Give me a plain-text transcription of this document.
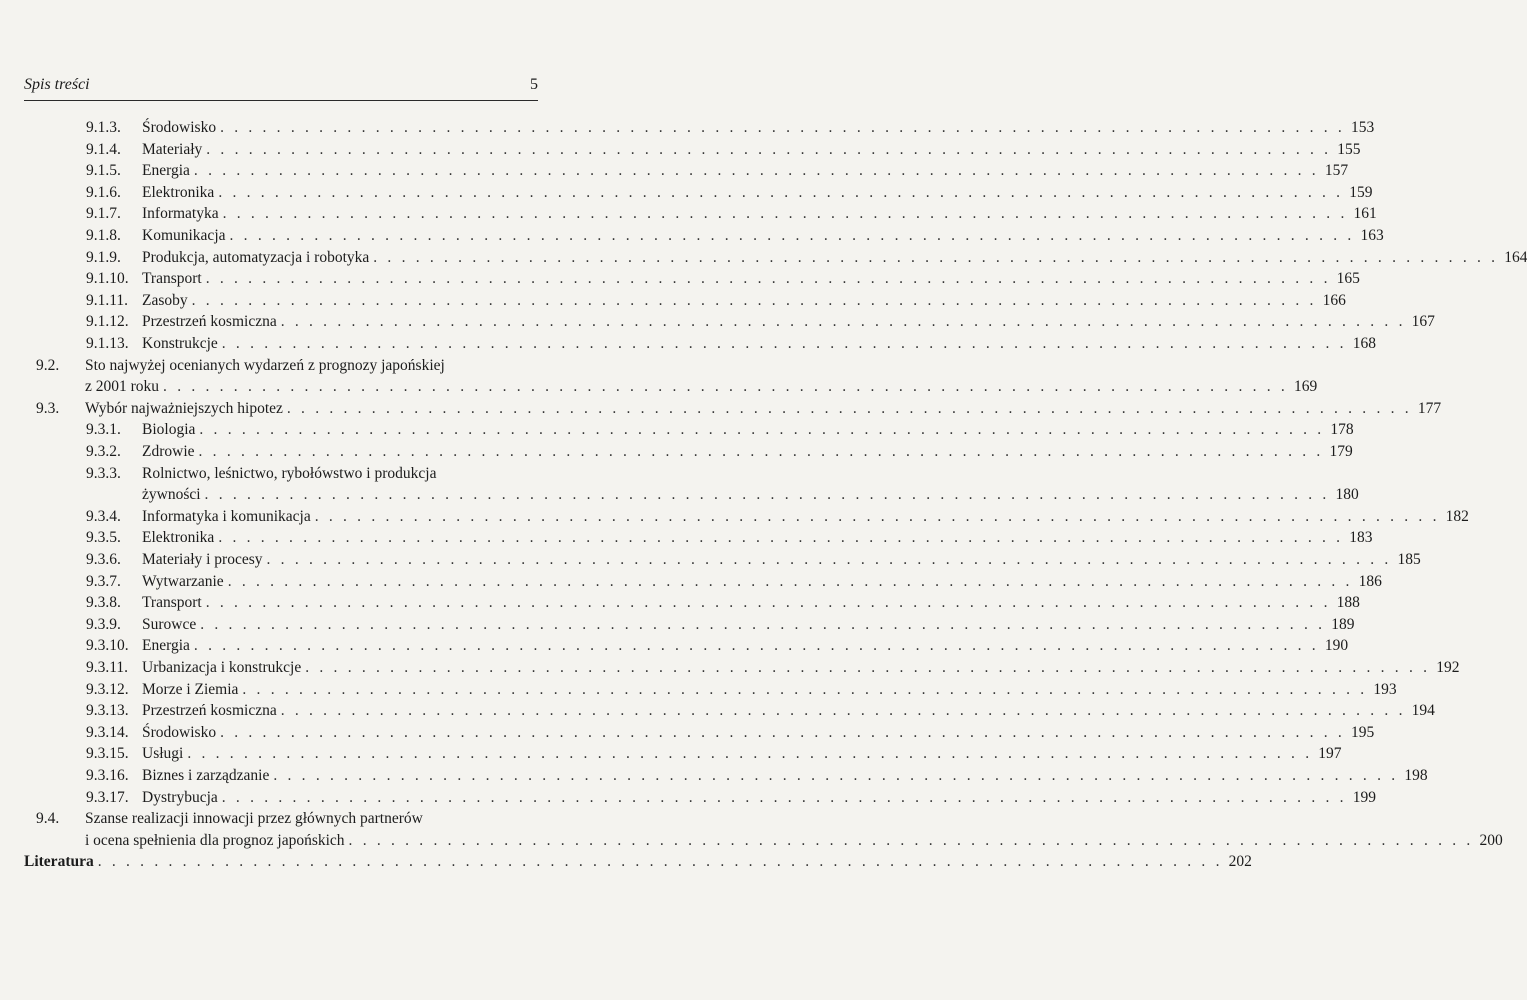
Spis treści	5
9.1.3. Środowisko . . . . . . . . . . . . . . . . . . . . . . . . . . . . . . . . . . . . . . . . . . . . . . . . . . . . . . . . . . . . . . . . . . . . . . . . . . . . . . . . 153
9.1.4. Materiały . . . . . . . . . . . . . . . . . . . . . . . . . . . . . . . . . . . . . . . . . . . . . . . . . . . . . . . . . . . . . . . . . . . . . . . . . . . . . . . . 155
9.1.5. Energia . . . . . . . . . . . . . . . . . . . . . . . . . . . . . . . . . . . . . . . . . . . . . . . . . . . . . . . . . . . . . . . . . . . . . . . . . . . . . . . . 157
9.1.6. Elektronika . . . . . . . . . . . . . . . . . . . . . . . . . . . . . . . . . . . . . . . . . . . . . . . . . . . . . . . . . . . . . . . . . . . . . . . . . . . . . . . . 159
9.1.7. Informatyka . . . . . . . . . . . . . . . . . . . . . . . . . . . . . . . . . . . . . . . . . . . . . . . . . . . . . . . . . . . . . . . . . . . . . . . . . . . . . . . . 161
9.1.8. Komunikacja . . . . . . . . . . . . . . . . . . . . . . . . . . . . . . . . . . . . . . . . . . . . . . . . . . . . . . . . . . . . . . . . . . . . . . . . . . . . . . . . 163
9.1.9. Produkcja, automatyzacja i robotyka . . . . . . . . . . . . . . . . . . . . . . . . . . . . . . . . . . . . . . . . . . . . . . . . . . . . . . . . . . . . . . . . . . . . . . . . . . . . . . . . 164
9.1.10. Transport . . . . . . . . . . . . . . . . . . . . . . . . . . . . . . . . . . . . . . . . . . . . . . . . . . . . . . . . . . . . . . . . . . . . . . . . . . . . . . . . 165
9.1.11. Zasoby . . . . . . . . . . . . . . . . . . . . . . . . . . . . . . . . . . . . . . . . . . . . . . . . . . . . . . . . . . . . . . . . . . . . . . . . . . . . . . . . 166
9.1.12. Przestrzeń kosmiczna . . . . . . . . . . . . . . . . . . . . . . . . . . . . . . . . . . . . . . . . . . . . . . . . . . . . . . . . . . . . . . . . . . . . . . . . . . . . . . . . 167
9.1.13. Konstrukcje . . . . . . . . . . . . . . . . . . . . . . . . . . . . . . . . . . . . . . . . . . . . . . . . . . . . . . . . . . . . . . . . . . . . . . . . . . . . . . . . 168
9.2. Sto najwyżej ocenianych wydarzeń z prognozy japońskiej
z 2001 roku . . . . . . . . . . . . . . . . . . . . . . . . . . . . . . . . . . . . . . . . . . . . . . . . . . . . . . . . . . . . . . . . . . . . . . . . . . . . . . . . 169
9.3. Wybór najważniejszych hipotez . . . . . . . . . . . . . . . . . . . . . . . . . . . . . . . . . . . . . . . . . . . . . . . . . . . . . . . . . . . . . . . . . . . . . . . . . . . . . . . . 177
9.3.1. Biologia . . . . . . . . . . . . . . . . . . . . . . . . . . . . . . . . . . . . . . . . . . . . . . . . . . . . . . . . . . . . . . . . . . . . . . . . . . . . . . . . 178
9.3.2. Zdrowie . . . . . . . . . . . . . . . . . . . . . . . . . . . . . . . . . . . . . . . . . . . . . . . . . . . . . . . . . . . . . . . . . . . . . . . . . . . . . . . . 179
9.3.3. Rolnictwo, leśnictwo, rybołówstwo i produkcja
żywności . . . . . . . . . . . . . . . . . . . . . . . . . . . . . . . . . . . . . . . . . . . . . . . . . . . . . . . . . . . . . . . . . . . . . . . . . . . . . . . . 180
9.3.4. Informatyka i komunikacja . . . . . . . . . . . . . . . . . . . . . . . . . . . . . . . . . . . . . . . . . . . . . . . . . . . . . . . . . . . . . . . . . . . . . . . . . . . . . . . . 182
9.3.5. Elektronika . . . . . . . . . . . . . . . . . . . . . . . . . . . . . . . . . . . . . . . . . . . . . . . . . . . . . . . . . . . . . . . . . . . . . . . . . . . . . . . . 183
9.3.6. Materiały i procesy . . . . . . . . . . . . . . . . . . . . . . . . . . . . . . . . . . . . . . . . . . . . . . . . . . . . . . . . . . . . . . . . . . . . . . . . . . . . . . . . 185
9.3.7. Wytwarzanie . . . . . . . . . . . . . . . . . . . . . . . . . . . . . . . . . . . . . . . . . . . . . . . . . . . . . . . . . . . . . . . . . . . . . . . . . . . . . . . . 186
9.3.8. Transport . . . . . . . . . . . . . . . . . . . . . . . . . . . . . . . . . . . . . . . . . . . . . . . . . . . . . . . . . . . . . . . . . . . . . . . . . . . . . . . . 188
9.3.9. Surowce . . . . . . . . . . . . . . . . . . . . . . . . . . . . . . . . . . . . . . . . . . . . . . . . . . . . . . . . . . . . . . . . . . . . . . . . . . . . . . . . 189
9.3.10. Energia . . . . . . . . . . . . . . . . . . . . . . . . . . . . . . . . . . . . . . . . . . . . . . . . . . . . . . . . . . . . . . . . . . . . . . . . . . . . . . . . 190
9.3.11. Urbanizacja i konstrukcje . . . . . . . . . . . . . . . . . . . . . . . . . . . . . . . . . . . . . . . . . . . . . . . . . . . . . . . . . . . . . . . . . . . . . . . . . . . . . . . . 192
9.3.12. Morze i Ziemia . . . . . . . . . . . . . . . . . . . . . . . . . . . . . . . . . . . . . . . . . . . . . . . . . . . . . . . . . . . . . . . . . . . . . . . . . . . . . . . . 193
9.3.13. Przestrzeń kosmiczna . . . . . . . . . . . . . . . . . . . . . . . . . . . . . . . . . . . . . . . . . . . . . . . . . . . . . . . . . . . . . . . . . . . . . . . . . . . . . . . . 194
9.3.14. Środowisko . . . . . . . . . . . . . . . . . . . . . . . . . . . . . . . . . . . . . . . . . . . . . . . . . . . . . . . . . . . . . . . . . . . . . . . . . . . . . . . . 195
9.3.15. Usługi . . . . . . . . . . . . . . . . . . . . . . . . . . . . . . . . . . . . . . . . . . . . . . . . . . . . . . . . . . . . . . . . . . . . . . . . . . . . . . . . 197
9.3.16. Biznes i zarządzanie . . . . . . . . . . . . . . . . . . . . . . . . . . . . . . . . . . . . . . . . . . . . . . . . . . . . . . . . . . . . . . . . . . . . . . . . . . . . . . . . 198
9.3.17. Dystrybucja . . . . . . . . . . . . . . . . . . . . . . . . . . . . . . . . . . . . . . . . . . . . . . . . . . . . . . . . . . . . . . . . . . . . . . . . . . . . . . . . 199
9.4. Szanse realizacji innowacji przez głównych partnerów
i ocena spełnienia dla prognoz japońskich . . . . . . . . . . . . . . . . . . . . . . . . . . . . . . . . . . . . . . . . . . . . . . . . . . . . . . . . . . . . . . . . . . . . . . . . . . . . . . . . 200
Literatura . . . . . . . . . . . . . . . . . . . . . . . . . . . . . . . . . . . . . . . . . . . . . . . . . . . . . . . . . . . . . . . . . . . . . . . . . . . . . . . . 202
